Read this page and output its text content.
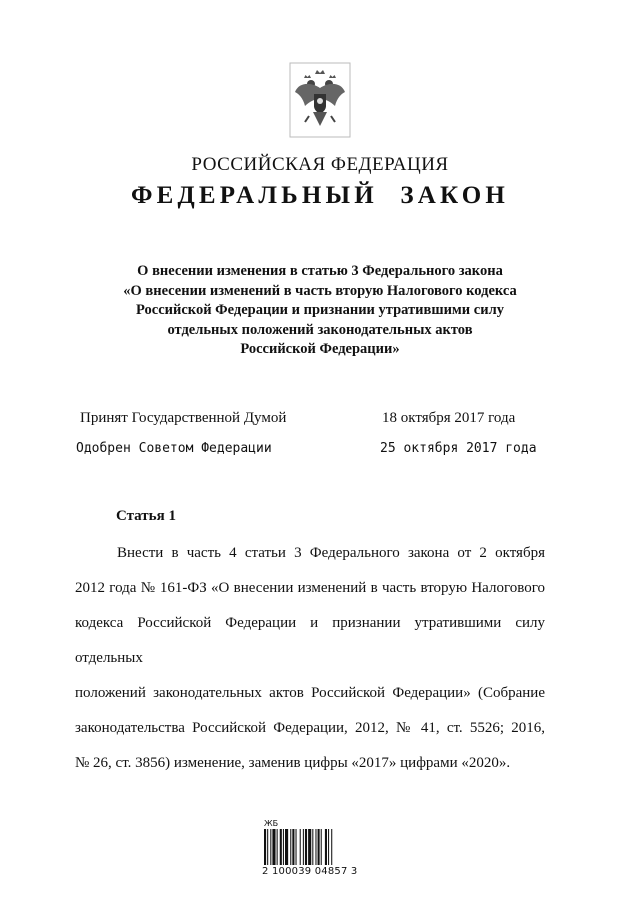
РОССИЙСКАЯ ФЕДЕРАЦИЯ
ФЕДЕРАЛЬНЫЙ ЗАКОН
О внесении изменения в статью 3 Федерального закона
«О внесении изменений в часть вторую Налогового кодекса
Российской Федерации и признании утратившими силу
отдельных положений законодательных актов
Российской Федерации»
Принят Государственной Думой	18 октября 2017 года
Одобрен Советом Федерации	25 октября 2017 года
Статья 1
Внести в часть 4 статьи 3 Федерального закона от 2 октября
2012 года № 161-ФЗ «О внесении изменений в часть вторую Налогового
кодекса Российской Федерации и признании утратившими силу отдельных
положений законодательных актов Российской Федерации» (Собрание
законодательства Российской Федерации, 2012, № 41, ст. 5526; 2016,
№ 26, ст. 3856) изменение, заменив цифры «2017» цифрами «2020».
ЖБ
2 100039 04857 3
